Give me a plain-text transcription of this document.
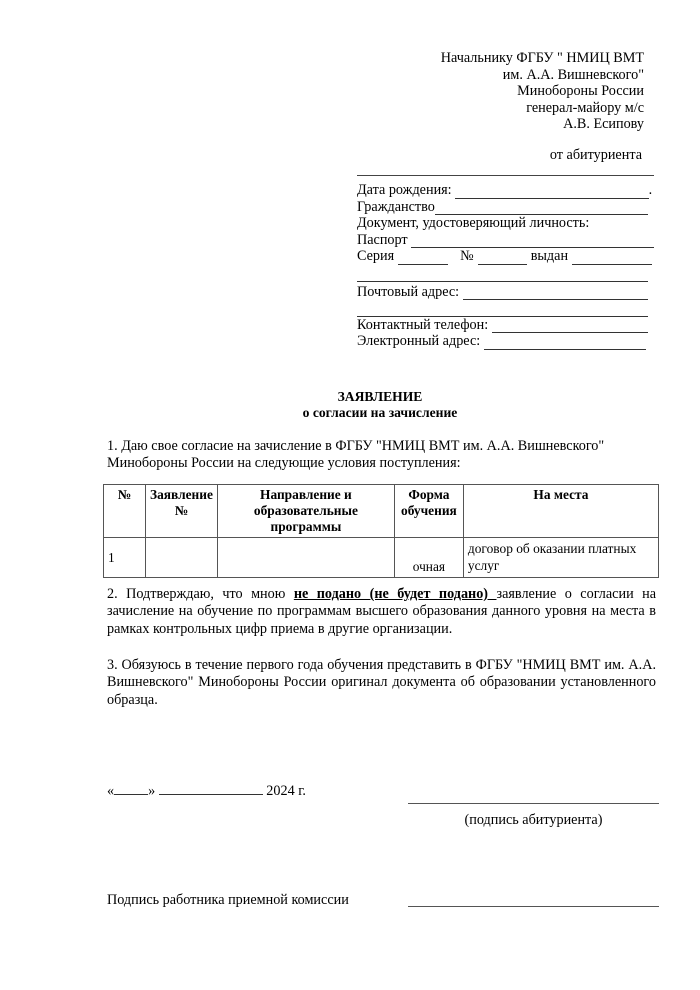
Начальнику ФГБУ " НМИЦ ВМТ
им. А.А. Вишневского"
Минобороны России
генерал-майору м/с
А.В. Есипову
от абитуриента
Дата рождения:	.
Гражданство
Документ, удостоверяющий личность:
Паспорт
Серия	№	выдан
Почтовый адрес:
Контактный телефон:
Электронный адрес:
ЗАЯВЛЕНИЕ
о согласии на зачисление
1. Даю свое согласие на зачисление в ФГБУ "НМИЦ ВМТ им. А.А. Вишневского" Минобороны России на следующие условия поступления:
№	Заявление №	Направление и образовательные программы	Форма обучения	На места
1			очная	договор об оказании платных услуг
2. Подтверждаю, что мною не подано (не будет подано) заявление о согласии на зачисление на обучение по программам высшего образования данного уровня на места в рамках контрольных цифр приема в другие организации.
3. Обязуюсь в течение первого года обучения представить в ФГБУ "НМИЦ ВМТ им. А.А. Вишневского" Минобороны России оригинал документа об образовании установленного образца.
« »	2024 г.
(подпись абитуриента)
Подпись работника приемной комиссии
